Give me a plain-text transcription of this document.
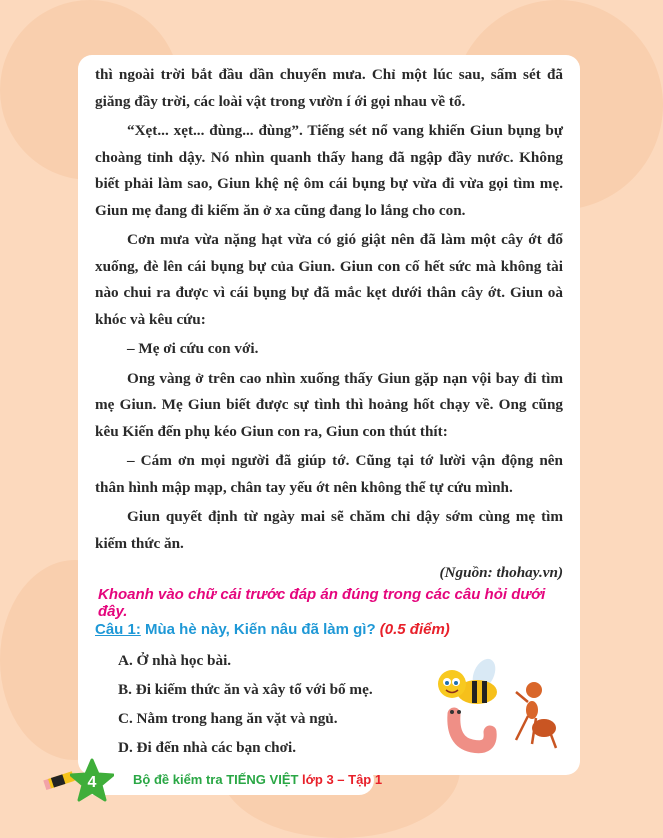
thì ngoài trời bắt đầu dần chuyển mưa. Chỉ một lúc sau, sấm sét đã giăng đầy trời, các loài vật trong vườn í ới gọi nhau về tổ.

“Xẹt... xẹt... đùng... đùng”. Tiếng sét nổ vang khiến Giun bụng bự choàng tỉnh dậy. Nó nhìn quanh thấy hang đã ngập đầy nước. Không biết phải làm sao, Giun khệ nệ ôm cái bụng bự vừa đi vừa gọi tìm mẹ. Giun mẹ đang đi kiếm ăn ở xa cũng đang lo lắng cho con.

Cơn mưa vừa nặng hạt vừa có gió giật nên đã làm một cây ớt đổ xuống, đè lên cái bụng bự của Giun. Giun con cố hết sức mà không tài nào chui ra được vì cái bụng bự đã mắc kẹt dưới thân cây ớt. Giun oà khóc và kêu cứu:

– Mẹ ơi cứu con với.

Ong vàng ở trên cao nhìn xuống thấy Giun gặp nạn vội bay đi tìm mẹ Giun. Mẹ Giun biết được sự tình thì hoảng hốt chạy về. Ong cũng kêu Kiến đến phụ kéo Giun con ra, Giun con thút thít:

– Cám ơn mọi người đã giúp tớ. Cũng tại tớ lười vận động nên thân hình mập mạp, chân tay yếu ớt nên không thể tự cứu mình.

Giun quyết định từ ngày mai sẽ chăm chỉ dậy sớm cùng mẹ tìm kiếm thức ăn.

(Nguồn: thohay.vn)
Khoanh vào chữ cái trước đáp án đúng trong các câu hỏi dưới đây.
Câu 1: Mùa hè này, Kiến nâu đã làm gì? (0.5 điểm)
A. Ở nhà học bài.
B. Đi kiếm thức ăn và xây tổ với bố mẹ.
C. Nằm trong hang ăn vặt và ngủ.
D. Đi đến nhà các bạn chơi.
4	Bộ đề kiểm tra TIẾNG VIỆT lớp 3 – Tập 1
